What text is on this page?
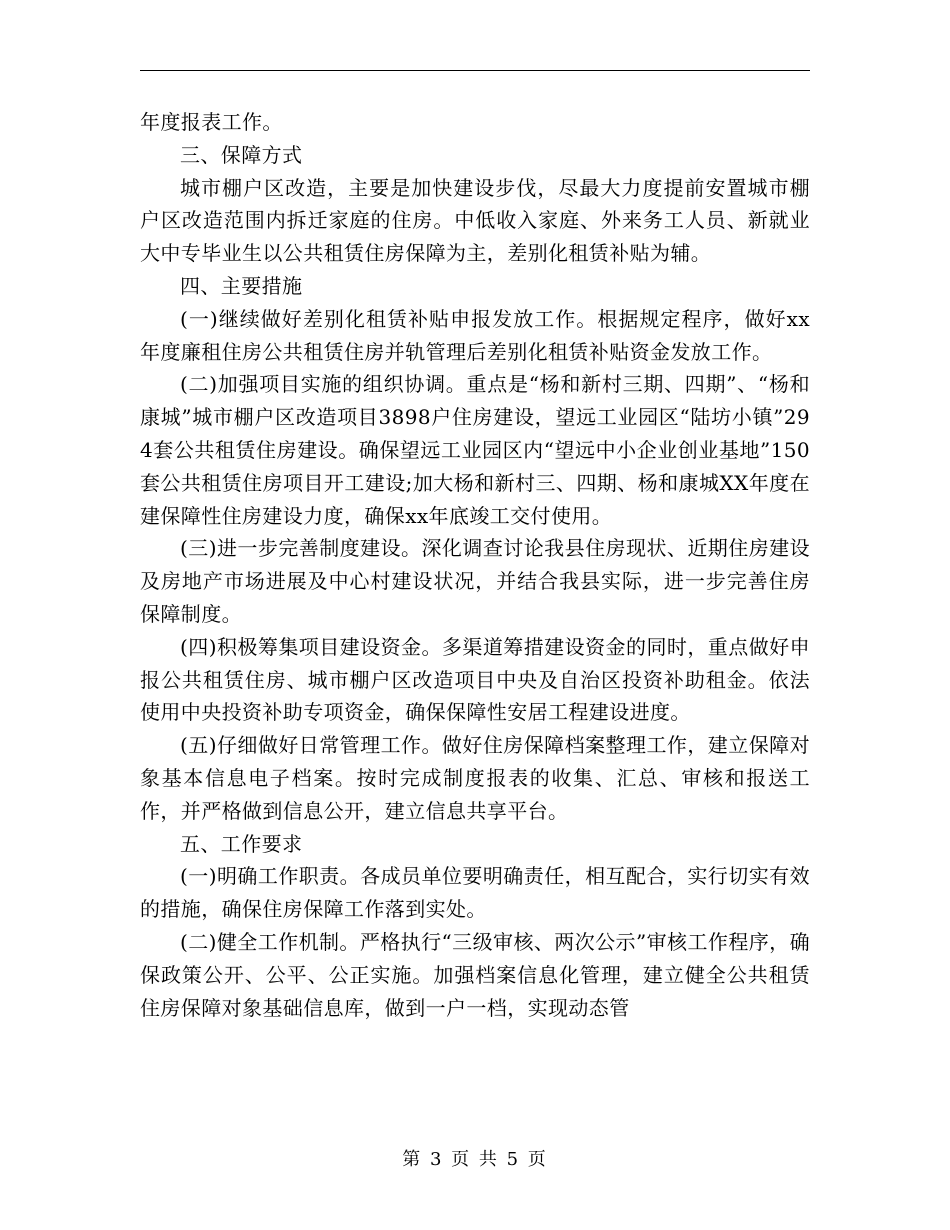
年度报表工作。

三、保障方式

城市棚户区改造，主要是加快建设步伐，尽最大力度提前安置城市棚户区改造范围内拆迁家庭的住房。中低收入家庭、外来务工人员、新就业大中专毕业生以公共租赁住房保障为主，差别化租赁补贴为辅。

四、主要措施

(一)继续做好差别化租赁补贴申报发放工作。根据规定程序，做好xx年度廉租住房公共租赁住房并轨管理后差别化租赁补贴资金发放工作。

(二)加强项目实施的组织协调。重点是“杨和新村三期、四期”、“杨和康城”城市棚户区改造项目3898户住房建设，望远工业园区“陆坊小镇”294套公共租赁住房建设。确保望远工业园区内“望远中小企业创业基地”150套公共租赁住房项目开工建设;加大杨和新村三、四期、杨和康城XX年度在建保障性住房建设力度，确保xx年底竣工交付使用。

(三)进一步完善制度建设。深化调查讨论我县住房现状、近期住房建设及房地产市场进展及中心村建设状况，并结合我县实际，进一步完善住房保障制度。

(四)积极筹集项目建设资金。多渠道筹措建设资金的同时，重点做好申报公共租赁住房、城市棚户区改造项目中央及自治区投资补助租金。依法使用中央投资补助专项资金，确保保障性安居工程建设进度。

(五)仔细做好日常管理工作。做好住房保障档案整理工作，建立保障对象基本信息电子档案。按时完成制度报表的收集、汇总、审核和报送工作，并严格做到信息公开，建立信息共享平台。

五、工作要求

(一)明确工作职责。各成员单位要明确责任，相互配合，实行切实有效的措施，确保住房保障工作落到实处。

(二)健全工作机制。严格执行“三级审核、两次公示”审核工作程序，确保政策公开、公平、公正实施。加强档案信息化管理，建立健全公共租赁住房保障对象基础信息库，做到一户一档，实现动态管

第 3 页 共 5 页
